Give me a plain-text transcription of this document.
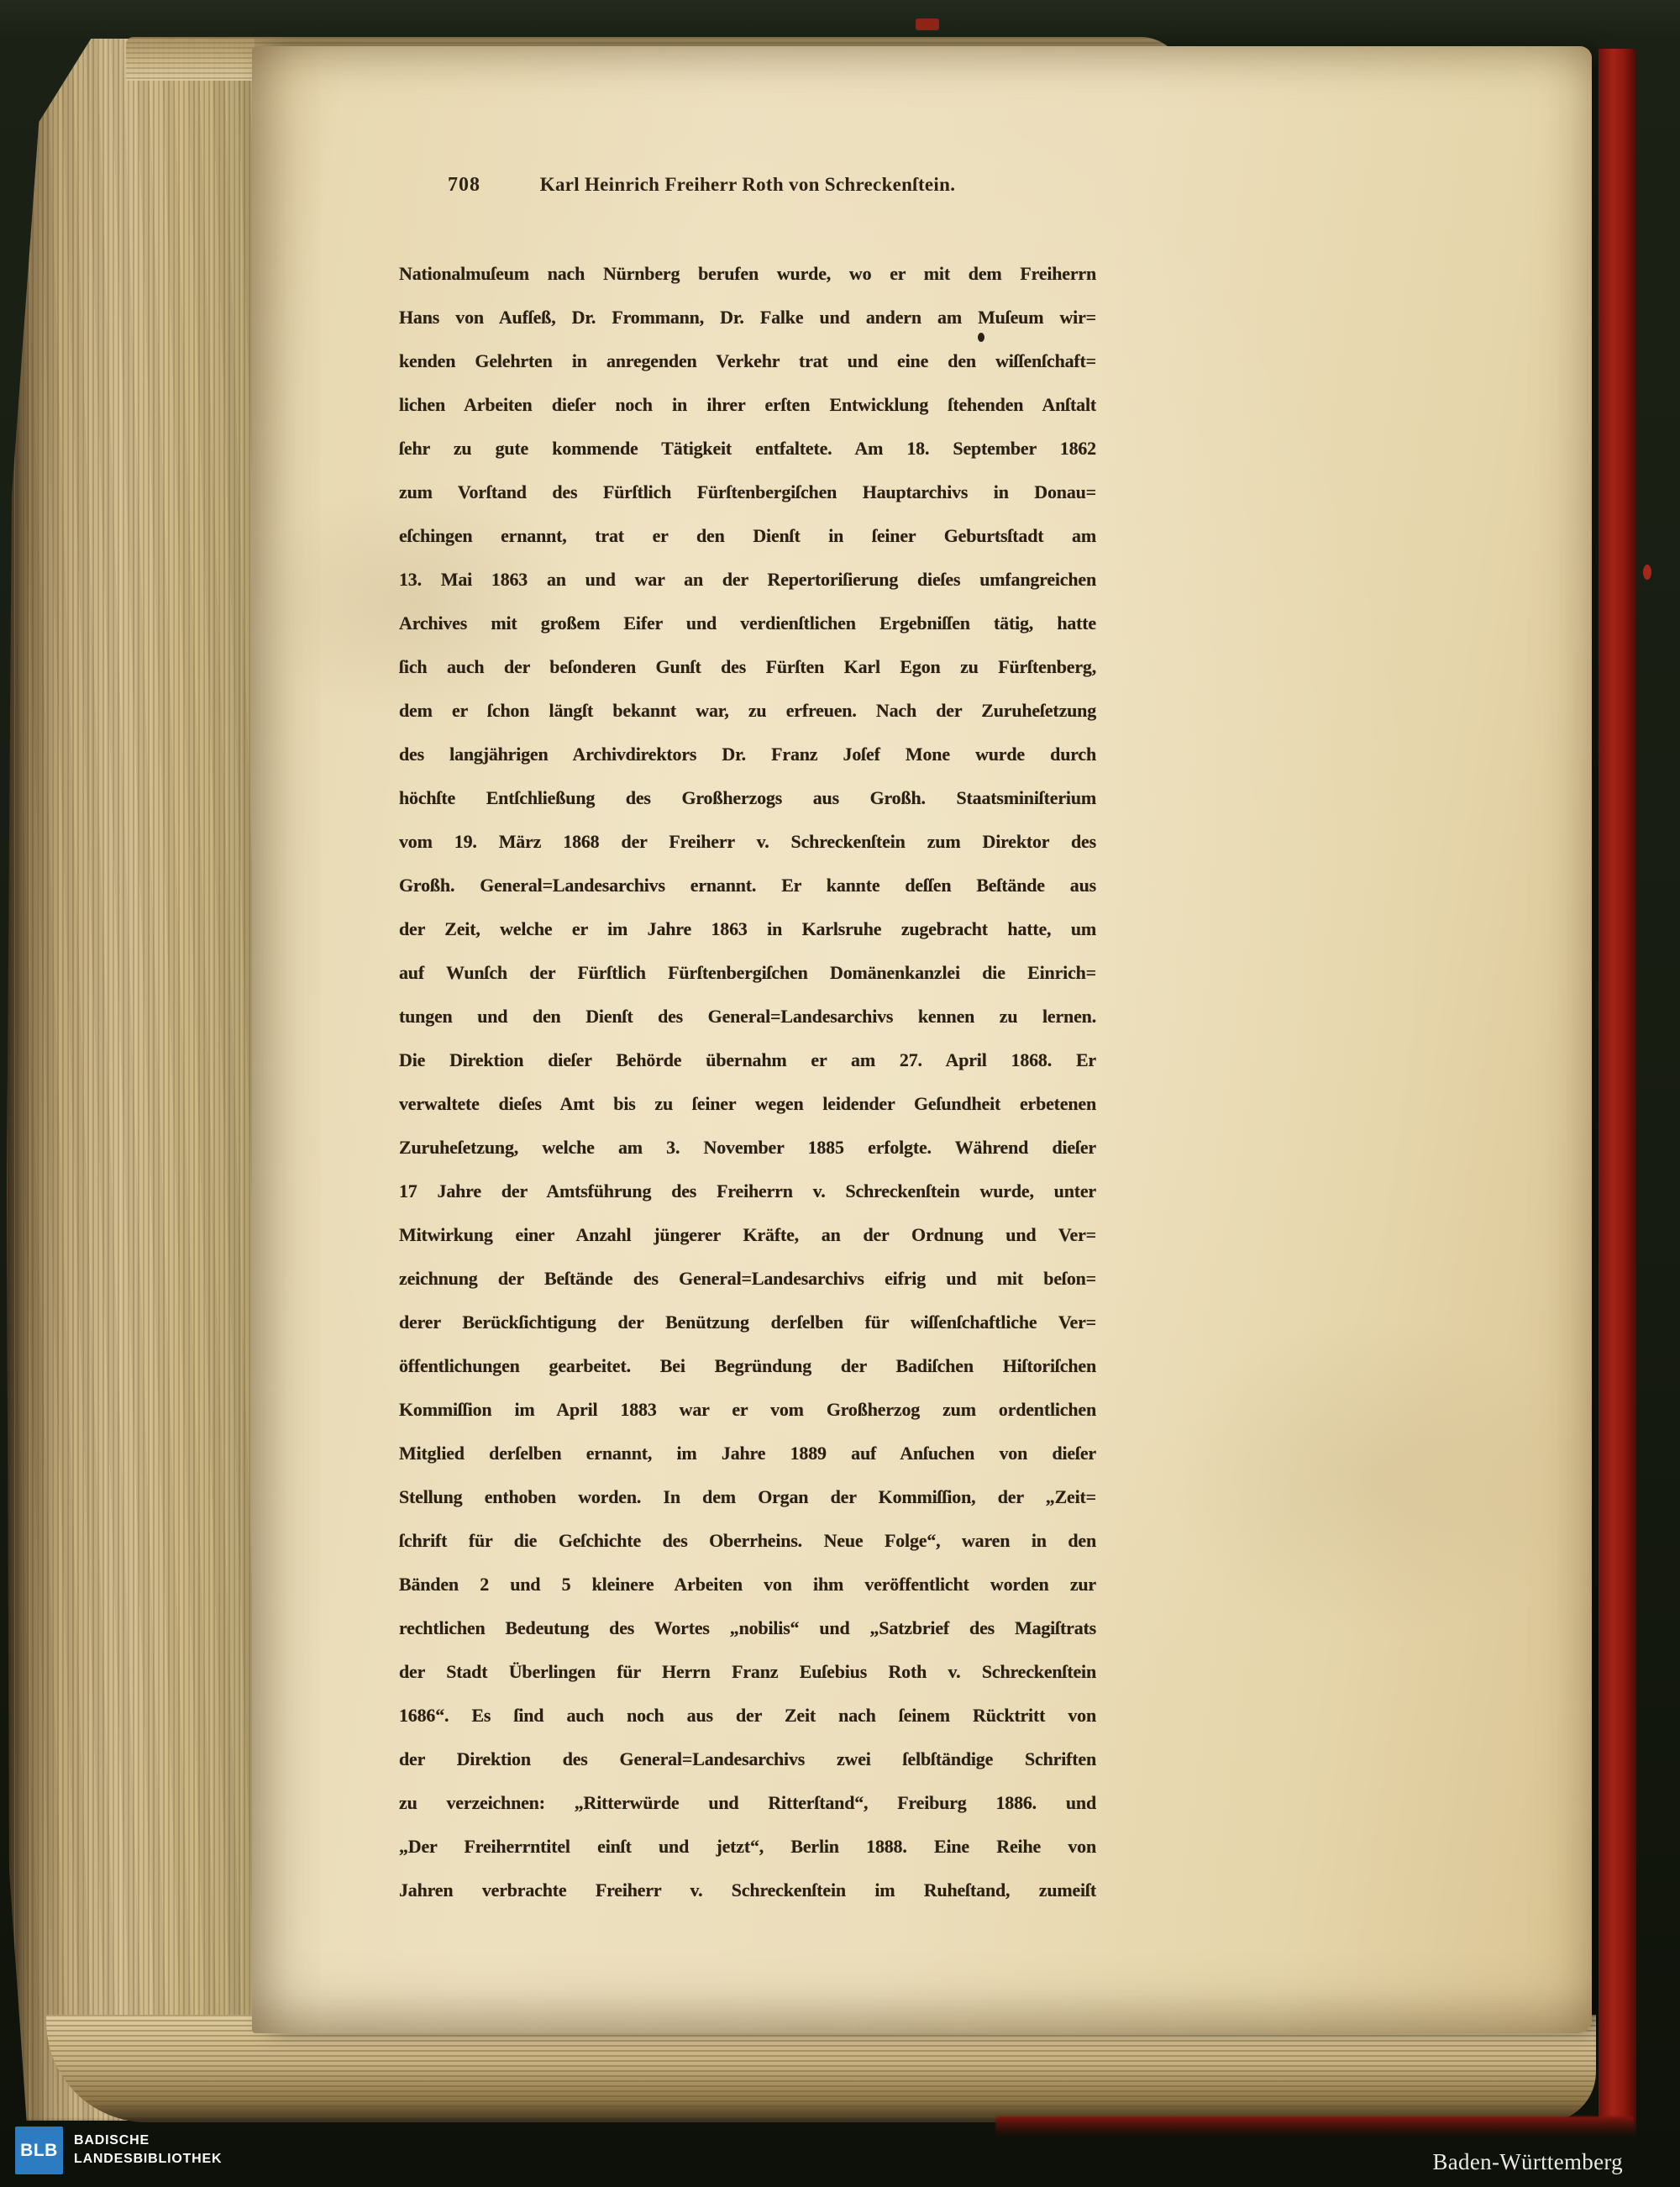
708	Karl Heinrich Freiherr Roth von Schreckenſtein.
Nationalmuſeum nach Nürnberg berufen wurde, wo er mit dem Freiherrn
Hans von Aufſeß, Dr. Frommann, Dr. Falke und andern am Muſeum wir=
kenden Gelehrten in anregenden Verkehr trat und eine den wiſſenſchaft=
lichen Arbeiten dieſer noch in ihrer erſten Entwicklung ſtehenden Anſtalt
ſehr zu gute kommende Tätigkeit entfaltete. Am 18. September 1862
zum Vorſtand des Fürſtlich Fürſtenbergiſchen Hauptarchivs in Donau=
eſchingen ernannt, trat er den Dienſt in ſeiner Geburtsſtadt am
13. Mai 1863 an und war an der Repertoriſierung dieſes umfangreichen
Archives mit großem Eifer und verdienſtlichen Ergebniſſen tätig, hatte
ſich auch der beſonderen Gunſt des Fürſten Karl Egon zu Fürſtenberg,
dem er ſchon längſt bekannt war, zu erfreuen. Nach der Zuruheſetzung
des langjährigen Archivdirektors Dr. Franz Joſef Mone wurde durch
höchſte Entſchließung des Großherzogs aus Großh. Staatsminiſterium
vom 19. März 1868 der Freiherr v. Schreckenſtein zum Direktor des
Großh. General=Landesarchivs ernannt. Er kannte deſſen Beſtände aus
der Zeit, welche er im Jahre 1863 in Karlsruhe zugebracht hatte, um
auf Wunſch der Fürſtlich Fürſtenbergiſchen Domänenkanzlei die Einrich=
tungen und den Dienſt des General=Landesarchivs kennen zu lernen.
Die Direktion dieſer Behörde übernahm er am 27. April 1868. Er
verwaltete dieſes Amt bis zu ſeiner wegen leidender Geſundheit erbetenen
Zuruheſetzung, welche am 3. November 1885 erfolgte. Während dieſer
17 Jahre der Amtsführung des Freiherrn v. Schreckenſtein wurde, unter
Mitwirkung einer Anzahl jüngerer Kräfte, an der Ordnung und Ver=
zeichnung der Beſtände des General=Landesarchivs eifrig und mit beſon=
derer Berückſichtigung der Benützung derſelben für wiſſenſchaftliche Ver=
öffentlichungen gearbeitet. Bei Begründung der Badiſchen Hiſtoriſchen
Kommiſſion im April 1883 war er vom Großherzog zum ordentlichen
Mitglied derſelben ernannt, im Jahre 1889 auf Anſuchen von dieſer
Stellung enthoben worden. In dem Organ der Kommiſſion, der „Zeit=
ſchrift für die Geſchichte des Oberrheins. Neue Folge“, waren in den
Bänden 2 und 5 kleinere Arbeiten von ihm veröffentlicht worden zur
rechtlichen Bedeutung des Wortes „nobilis“ und „Satzbrief des Magiſtrats
der Stadt Überlingen für Herrn Franz Euſebius Roth v. Schreckenſtein
1686“. Es ſind auch noch aus der Zeit nach ſeinem Rücktritt von
der Direktion des General=Landesarchivs zwei ſelbſtändige Schriften
zu verzeichnen: „Ritterwürde und Ritterſtand“, Freiburg 1886. und
„Der Freiherrntitel einſt und jetzt“, Berlin 1888. Eine Reihe von
Jahren verbrachte Freiherr v. Schreckenſtein im Ruheſtand, zumeiſt
BLB BADISCHE
LANDESBIBLIOTHEK	Baden-Württemberg
